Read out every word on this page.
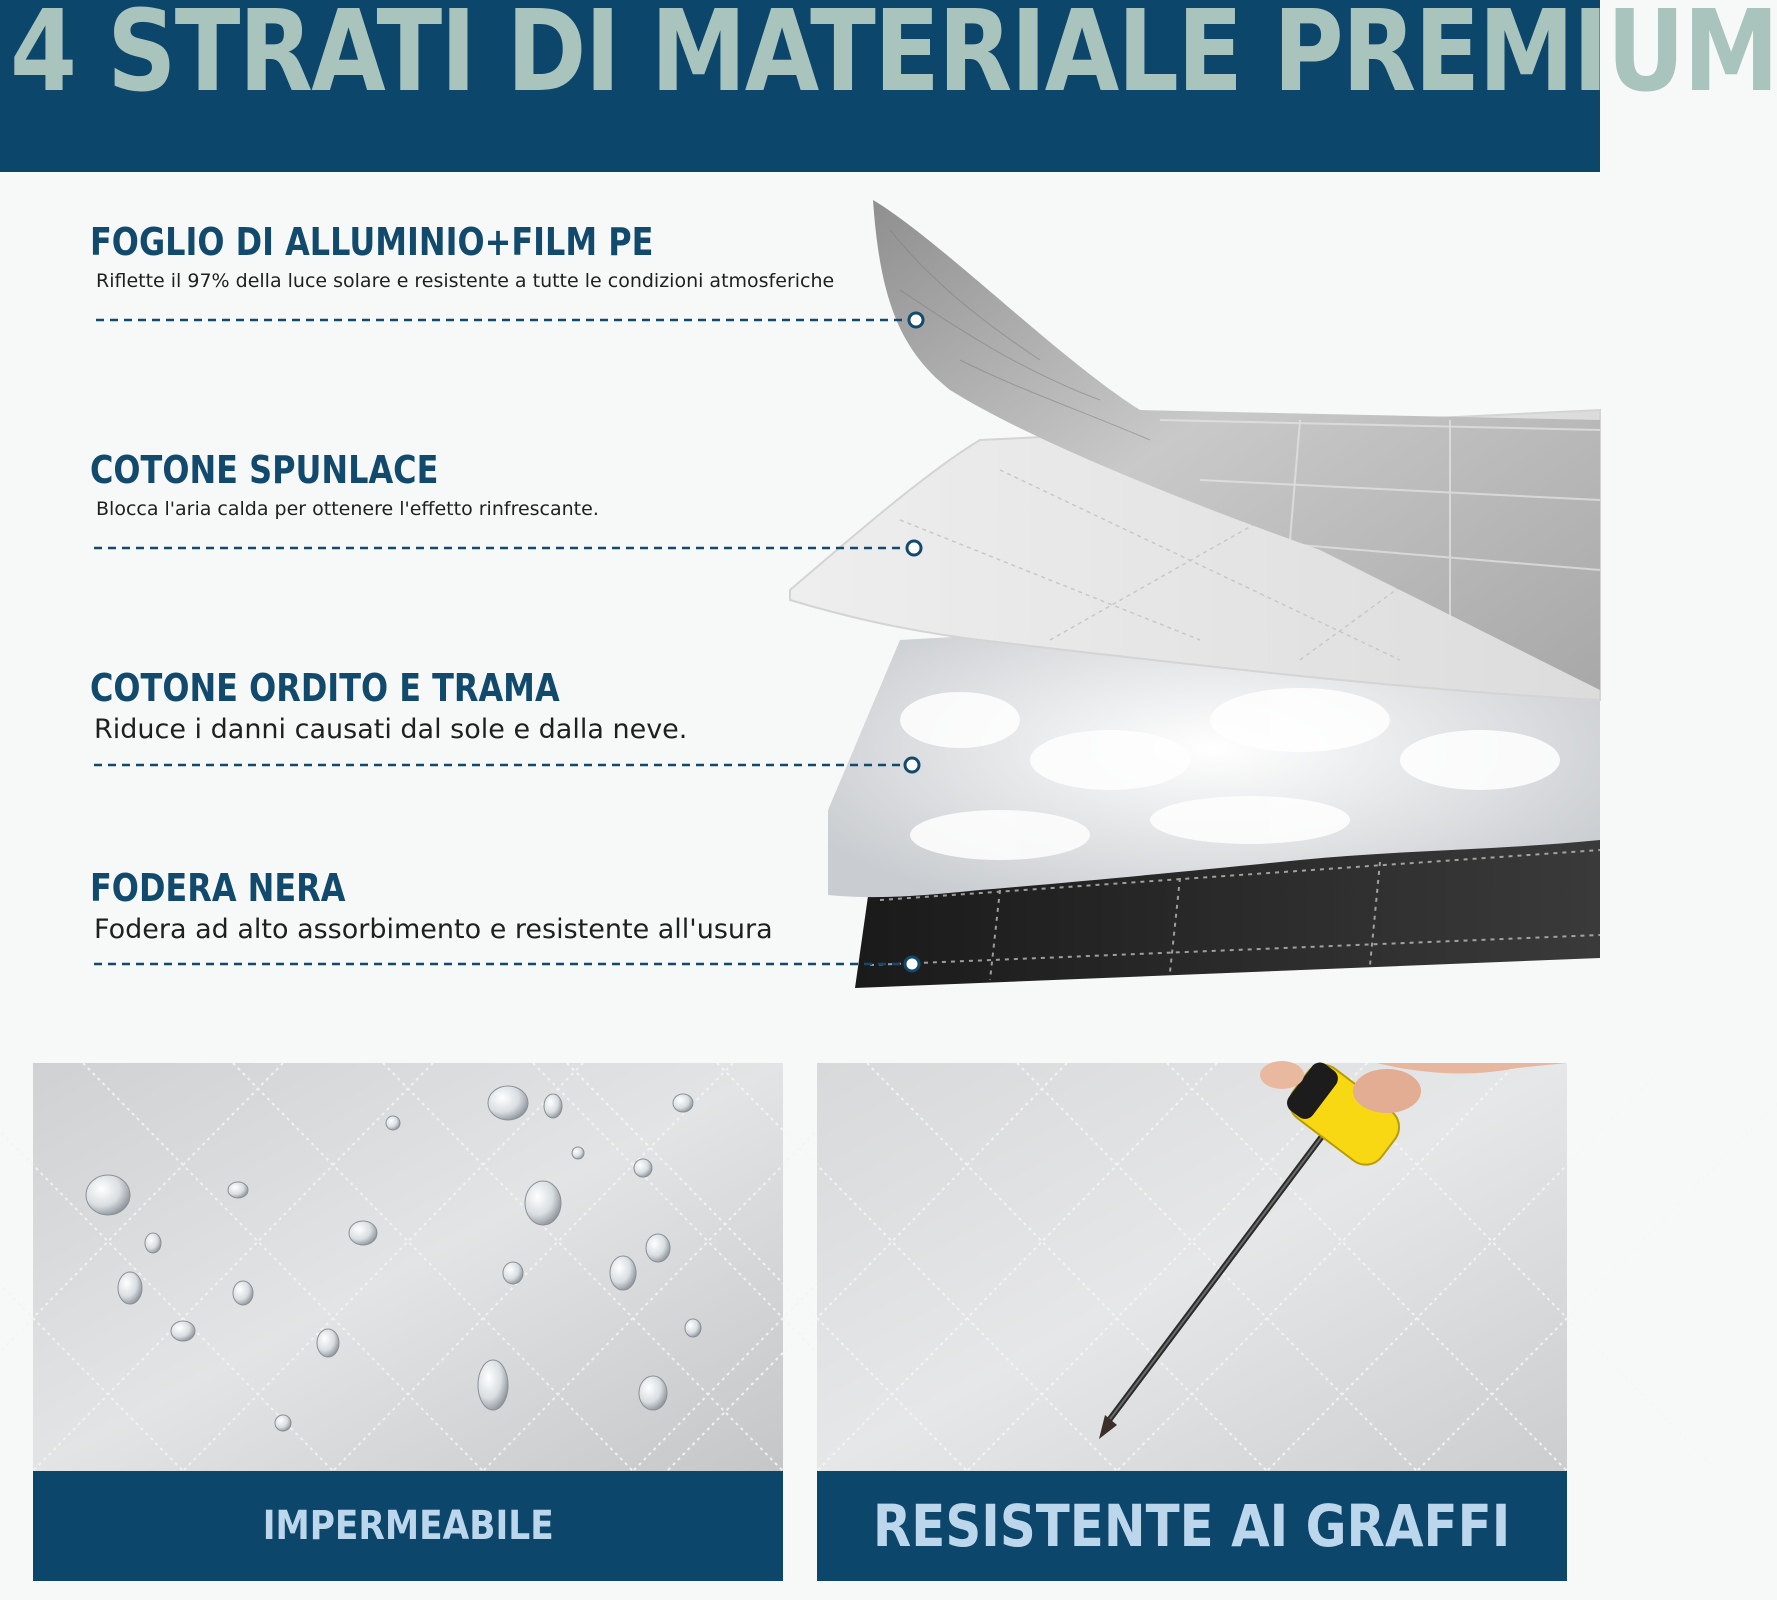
4 STRATI DI MATERIALE PREMIUM
FOGLIO DI ALLUMINIO+FILM PE
Riflette il 97% della luce solare e resistente a tutte le condizioni atmosferiche
COTONE SPUNLACE
Blocca l'aria calda per ottenere l'effetto rinfrescante.
COTONE ORDITO E TRAMA
Riduce i danni causati dal sole e dalla neve.
FODERA NERA
Fodera ad alto assorbimento e resistente all'usura
IMPERMEABILE	RESISTENTE AI GRAFFI
